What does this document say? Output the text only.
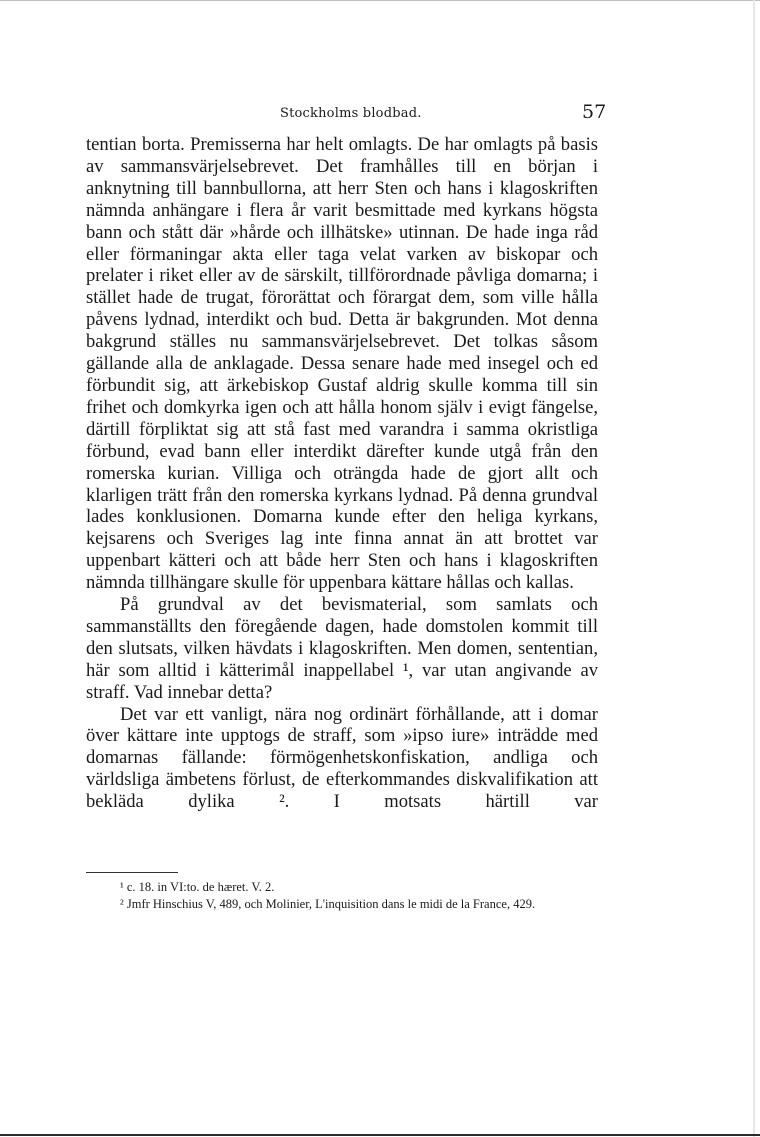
Stockholms blodbad.	57

tentian borta. Premisserna har helt omlagts. De har omlagts på basis av sammansvärjelsebrevet. Det framhålles till en början i anknytning till bannbullorna, att herr Sten och hans i klagoskriften nämnda anhängare i flera år varit besmittade med kyrkans högsta bann och stått där »hårde och illhätske» utinnan. De hade inga råd eller förmaningar akta eller taga velat varken av biskopar och prelater i riket eller av de särskilt, tillförordnade påvliga domarna; i stället hade de trugat, förorättat och förargat dem, som ville hålla påvens lydnad, interdikt och bud. Detta är bakgrunden. Mot denna bakgrund ställes nu sammansvärjelsebrevet. Det tolkas såsom gällande alla de anklagade. Dessa senare hade med insegel och ed förbundit sig, att ärkebiskop Gustaf aldrig skulle komma till sin frihet och domkyrka igen och att hålla honom själv i evigt fängelse, därtill förpliktat sig att stå fast med varandra i samma okristliga förbund, evad bann eller interdikt därefter kunde utgå från den romerska kurian. Villiga och oträngda hade de gjort allt och klarligen trätt från den romerska kyrkans lydnad. På denna grundval lades konklusionen. Domarna kunde efter den heliga kyrkans, kejsarens och Sveriges lag inte finna annat än att brottet var uppenbart kätteri och att både herr Sten och hans i klagoskriften nämnda tillhängare skulle för uppenbara kättare hållas och kallas.

På grundval av det bevismaterial, som samlats och sammanställts den föregående dagen, hade domstolen kommit till den slutsats, vilken hävdats i klagoskriften. Men domen, sententian, här som alltid i kätterimål inappellabel ¹, var utan angivande av straff. Vad innebar detta?

Det var ett vanligt, nära nog ordinärt förhållande, att i domar över kättare inte upptogs de straff, som »ipso iure» inträdde med domarnas fällande: förmögenhetskonfiskation, andliga och världsliga ämbetens förlust, de efterkommandes diskvalifikation att bekläda dylika ². I motsats härtill var

¹ c. 18. in VI:to. de hæret. V. 2.

² Jmfr Hinschius V, 489, och Molinier, L'inquisition dans le midi de la France, 429.
